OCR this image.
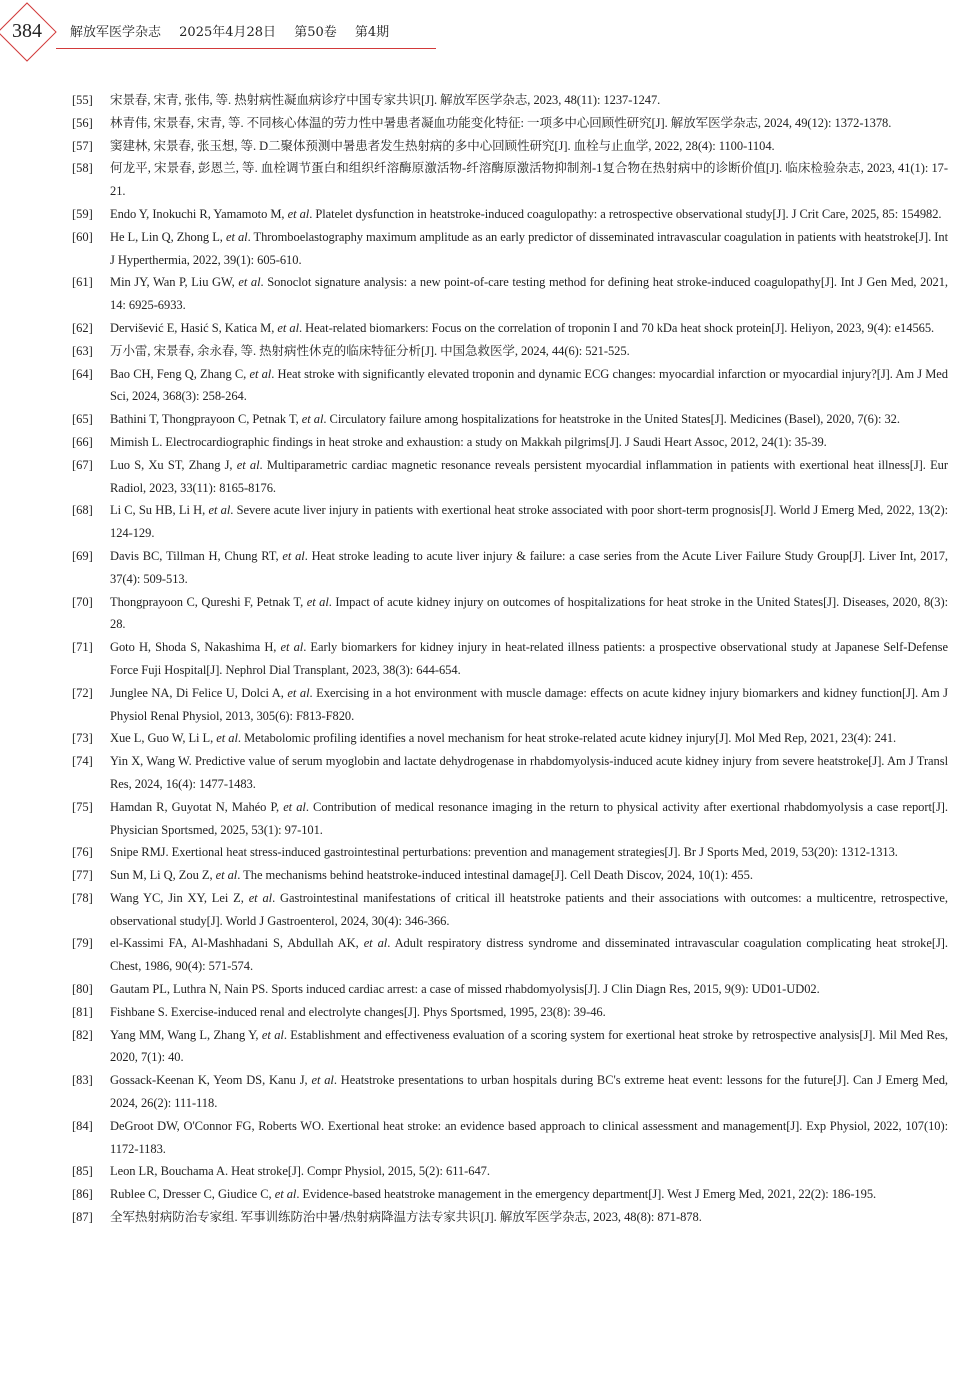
384	解放军医学杂志 2025年4月28日 第50卷 第4期
[55]	宋景春, 宋青, 张伟, 等. 热射病性凝血病诊疗中国专家共识[J]. 解放军医学杂志, 2023, 48(11): 1237-1247.
[56]	林青伟, 宋景春, 宋青, 等. 不同核心体温的劳力性中暑患者凝血功能变化特征: 一项多中心回顾性研究[J]. 解放军医学杂志, 2024, 49(12): 1372-1378.
[57]	窦建林, 宋景春, 张玉想, 等. D二聚体预测中暑患者发生热射病的多中心回顾性研究[J]. 血栓与止血学, 2022, 28(4): 1100-1104.
[58]	何龙平, 宋景春, 彭恩兰, 等. 血栓调节蛋白和组织纤溶酶原激活物-纤溶酶原激活物抑制剂-1复合物在热射病中的诊断价值[J]. 临床检验杂志, 2023, 41(1): 17-21.
[59]	Endo Y, Inokuchi R, Yamamoto M, et al. Platelet dysfunction in heatstroke-induced coagulopathy: a retrospective observational study[J]. J Crit Care, 2025, 85: 154982.
[60]	He L, Lin Q, Zhong L, et al. Thromboelastography maximum amplitude as an early predictor of disseminated intravascular coagulation in patients with heatstroke[J]. Int J Hyperthermia, 2022, 39(1): 605-610.
[61]	Min JY, Wan P, Liu GW, et al. Sonoclot signature analysis: a new point-of-care testing method for defining heat stroke-induced coagulopathy[J]. Int J Gen Med, 2021, 14: 6925-6933.
[62]	Dervišević E, Hasić S, Katica M, et al. Heat-related biomarkers: Focus on the correlation of troponin I and 70 kDa heat shock protein[J]. Heliyon, 2023, 9(4): e14565.
[63]	万小雷, 宋景春, 余永春, 等. 热射病性休克的临床特征分析[J]. 中国急救医学, 2024, 44(6): 521-525.
[64]	Bao CH, Feng Q, Zhang C, et al. Heat stroke with significantly elevated troponin and dynamic ECG changes: myocardial infarction or myocardial injury?[J]. Am J Med Sci, 2024, 368(3): 258-264.
[65]	Bathini T, Thongprayoon C, Petnak T, et al. Circulatory failure among hospitalizations for heatstroke in the United States[J]. Medicines (Basel), 2020, 7(6): 32.
[66]	Mimish L. Electrocardiographic findings in heat stroke and exhaustion: a study on Makkah pilgrims[J]. J Saudi Heart Assoc, 2012, 24(1): 35-39.
[67]	Luo S, Xu ST, Zhang J, et al. Multiparametric cardiac magnetic resonance reveals persistent myocardial inflammation in patients with exertional heat illness[J]. Eur Radiol, 2023, 33(11): 8165-8176.
[68]	Li C, Su HB, Li H, et al. Severe acute liver injury in patients with exertional heat stroke associated with poor short-term prognosis[J]. World J Emerg Med, 2022, 13(2): 124-129.
[69]	Davis BC, Tillman H, Chung RT, et al. Heat stroke leading to acute liver injury & failure: a case series from the Acute Liver Failure Study Group[J]. Liver Int, 2017, 37(4): 509-513.
[70]	Thongprayoon C, Qureshi F, Petnak T, et al. Impact of acute kidney injury on outcomes of hospitalizations for heat stroke in the United States[J]. Diseases, 2020, 8(3): 28.
[71]	Goto H, Shoda S, Nakashima H, et al. Early biomarkers for kidney injury in heat-related illness patients: a prospective observational study at Japanese Self-Defense Force Fuji Hospital[J]. Nephrol Dial Transplant, 2023, 38(3): 644-654.
[72]	Junglee NA, Di Felice U, Dolci A, et al. Exercising in a hot environment with muscle damage: effects on acute kidney injury biomarkers and kidney function[J]. Am J Physiol Renal Physiol, 2013, 305(6): F813-F820.
[73]	Xue L, Guo W, Li L, et al. Metabolomic profiling identifies a novel mechanism for heat stroke-related acute kidney injury[J]. Mol Med Rep, 2021, 23(4): 241.
[74]	Yin X, Wang W. Predictive value of serum myoglobin and lactate dehydrogenase in rhabdomyolysis-induced acute kidney injury from severe heatstroke[J]. Am J Transl Res, 2024, 16(4): 1477-1483.
[75]	Hamdan R, Guyotat N, Mahéo P, et al. Contribution of medical resonance imaging in the return to physical activity after exertional rhabdomyolysis a case report[J]. Physician Sportsmed, 2025, 53(1): 97-101.
[76]	Snipe RMJ. Exertional heat stress-induced gastrointestinal perturbations: prevention and management strategies[J]. Br J Sports Med, 2019, 53(20): 1312-1313.
[77]	Sun M, Li Q, Zou Z, et al. The mechanisms behind heatstroke-induced intestinal damage[J]. Cell Death Discov, 2024, 10(1): 455.
[78]	Wang YC, Jin XY, Lei Z, et al. Gastrointestinal manifestations of critical ill heatstroke patients and their associations with outcomes: a multicentre, retrospective, observational study[J]. World J Gastroenterol, 2024, 30(4): 346-366.
[79]	el-Kassimi FA, Al-Mashhadani S, Abdullah AK, et al. Adult respiratory distress syndrome and disseminated intravascular coagulation complicating heat stroke[J]. Chest, 1986, 90(4): 571-574.
[80]	Gautam PL, Luthra N, Nain PS. Sports induced cardiac arrest: a case of missed rhabdomyolysis[J]. J Clin Diagn Res, 2015, 9(9): UD01-UD02.
[81]	Fishbane S. Exercise-induced renal and electrolyte changes[J]. Phys Sportsmed, 1995, 23(8): 39-46.
[82]	Yang MM, Wang L, Zhang Y, et al. Establishment and effectiveness evaluation of a scoring system for exertional heat stroke by retrospective analysis[J]. Mil Med Res, 2020, 7(1): 40.
[83]	Gossack-Keenan K, Yeom DS, Kanu J, et al. Heatstroke presentations to urban hospitals during BC's extreme heat event: lessons for the future[J]. Can J Emerg Med, 2024, 26(2): 111-118.
[84]	DeGroot DW, O'Connor FG, Roberts WO. Exertional heat stroke: an evidence based approach to clinical assessment and management[J]. Exp Physiol, 2022, 107(10): 1172-1183.
[85]	Leon LR, Bouchama A. Heat stroke[J]. Compr Physiol, 2015, 5(2): 611-647.
[86]	Rublee C, Dresser C, Giudice C, et al. Evidence-based heatstroke management in the emergency department[J]. West J Emerg Med, 2021, 22(2): 186-195.
[87]	全军热射病防治专家组. 军事训练防治中暑/热射病降温方法专家共识[J]. 解放军医学杂志, 2023, 48(8): 871-878.
